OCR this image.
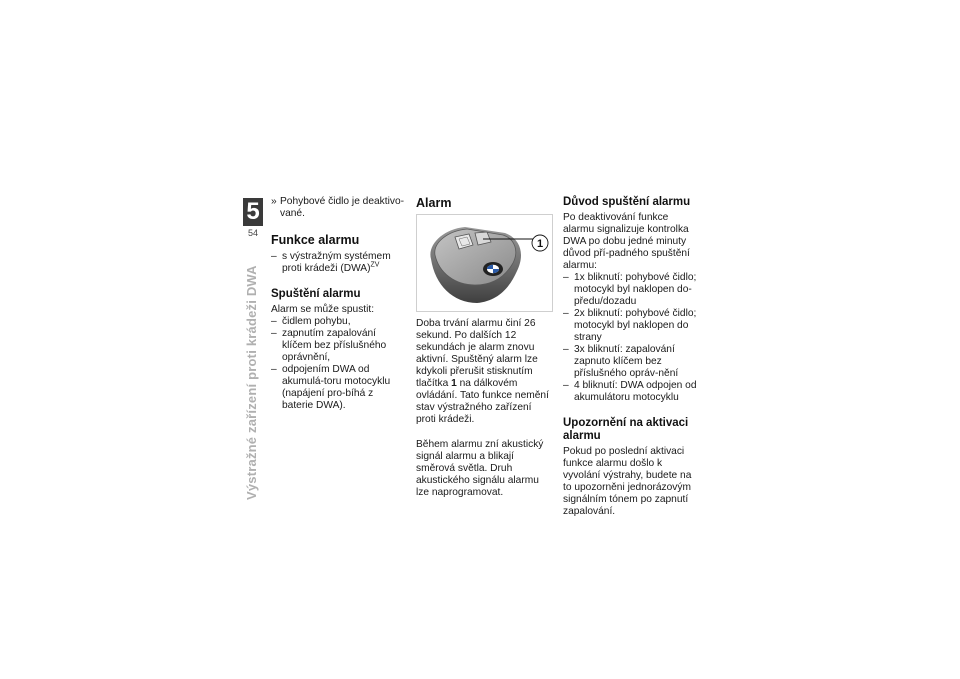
5
54
Výstražné zařízení proti krádeži DWA
» Pohybové čidlo je deaktivo-vané.
Funkce alarmu
– s výstražným systémem proti krádeži (DWA)$^{ZV}$
Spuštění alarmu

Alarm se může spustit:

– čidlem pohybu,
– zapnutím zapalování klíčem bez příslušného oprávnění,
– odpojením DWA od akumulá-toru motocyklu (napájení pro-bíhá z baterie DWA).
Alarm
1

Doba trvání alarmu činí 26 sekund. Po dalších 12 sekundách je alarm znovu aktivní. Spuštěný alarm lze kdykoli přerušit stisknutím tlačítka 1 na dálkovém ovládání. Tato funkce nemění stav výstražného zařízení proti krádeži.

Během alarmu zní akustický signál alarmu a blikají směrová světla. Druh akustického signálu alarmu lze naprogramovat.

Důvod spuštění alarmu

Po deaktivování funkce alarmu signalizuje kontrolka DWA po dobu jedné minuty důvod pří-padného spuštění alarmu:

– 1x bliknutí: pohybové čidlo; motocykl byl naklopen do-předu/dozadu
– 2x bliknutí: pohybové čidlo; motocykl byl naklopen do strany
– 3x bliknutí: zapalování zapnuto klíčem bez příslušného opráv-nění
– 4 bliknutí: DWA odpojen od akumulátoru motocyklu
Upozornění na aktivaci alarmu

Pokud po poslední aktivaci funkce alarmu došlo k vyvolání výstrahy, budete na to upozorněni jednorázovým signálním tónem po zapnutí zapalování.
